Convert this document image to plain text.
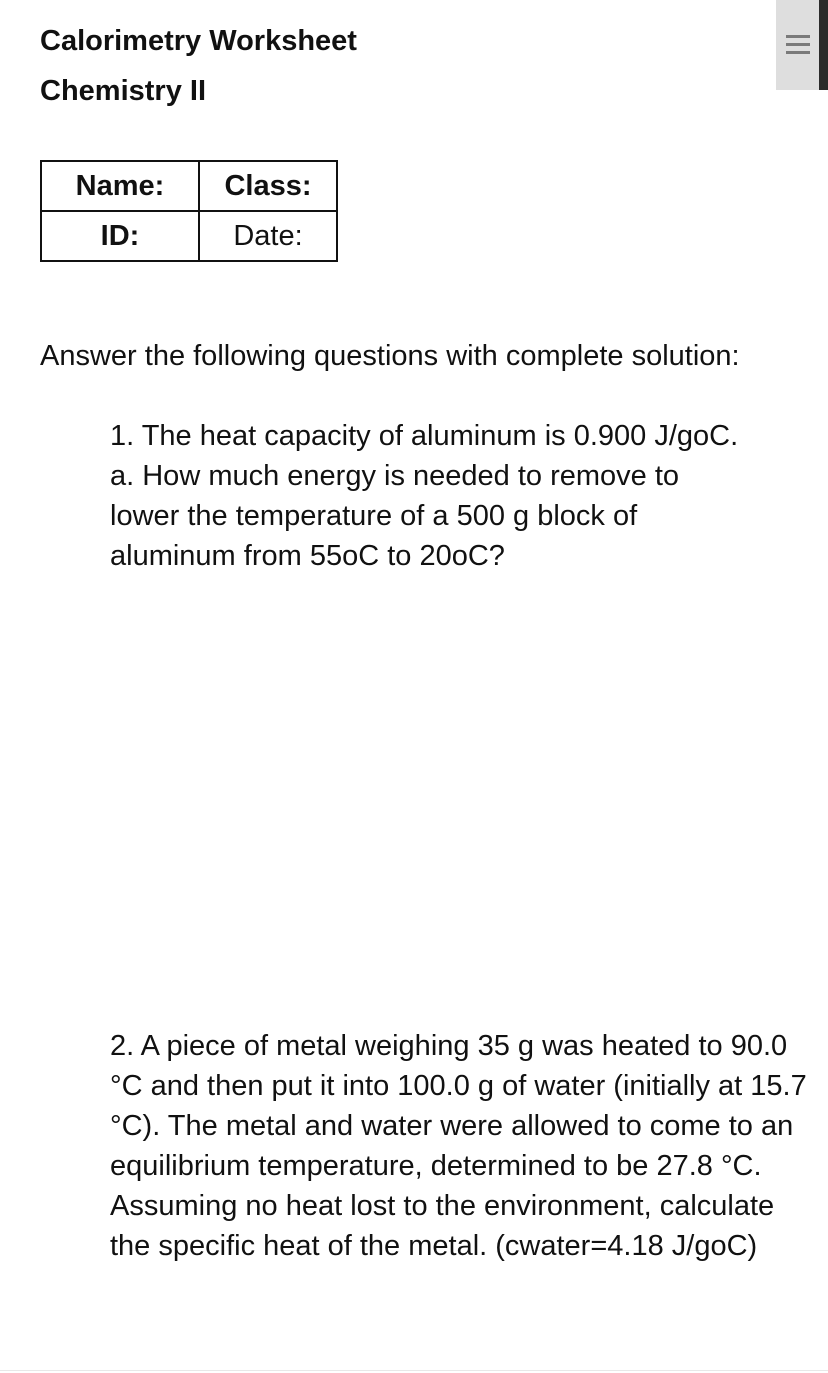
Calorimetry Worksheet
Chemistry II
Name:	Class:
ID:	Date:
Answer the following questions with complete solution:
1. The heat capacity of aluminum is 0.900 J/goC. a. How much energy is needed to remove to lower the temperature of a 500 g block of aluminum from 55oC to 20oC?
2. A piece of metal weighing 35 g was heated to 90.0 °C and then put it into 100.0 g of water (initially at 15.7 °C). The metal and water were allowed to come to an equilibrium temperature, determined to be 27.8 °C. Assuming no heat lost to the environment, calculate the specific heat of the metal. (cwater=4.18 J/goC)
